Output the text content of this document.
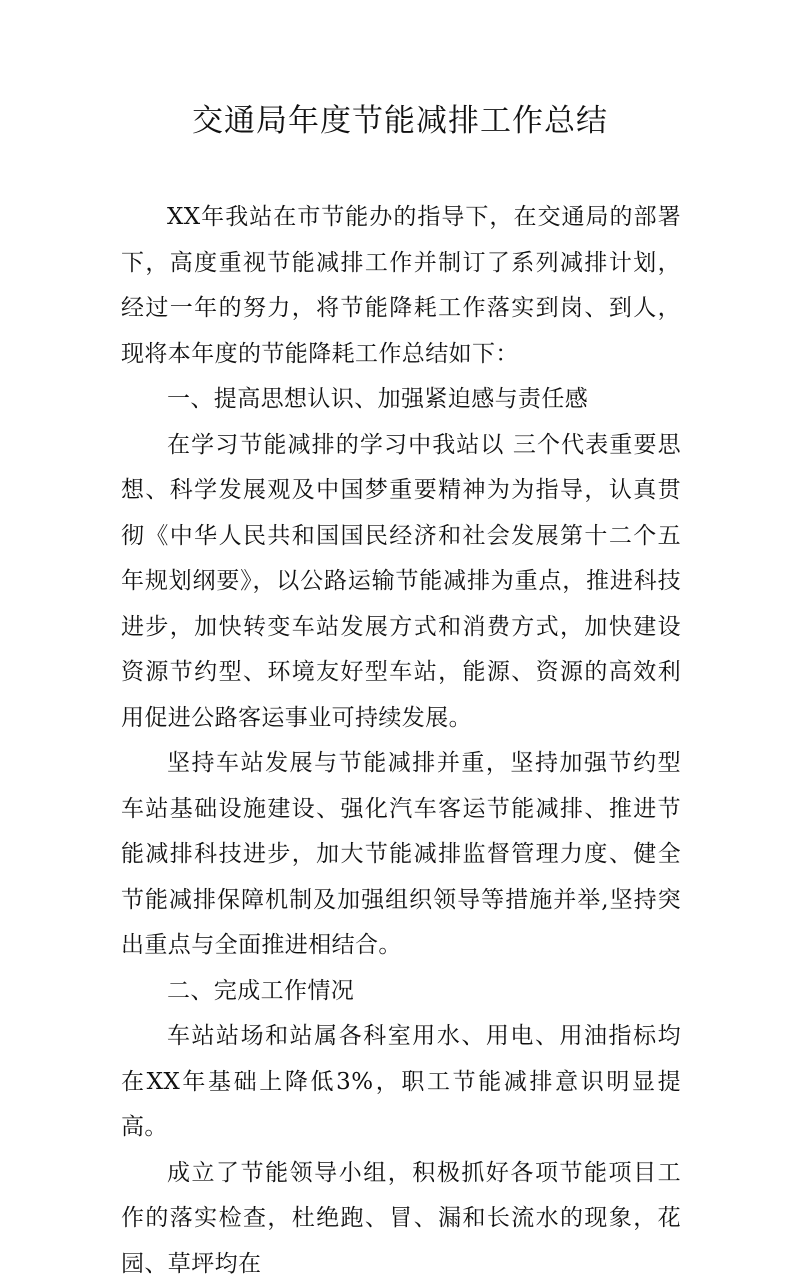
交通局年度节能减排工作总结

XX年我站在市节能办的指导下，在交通局的部署下，高度重视节能减排工作并制订了系列减排计划，经过一年的努力，将节能降耗工作落实到岗、到人，现将本年度的节能降耗工作总结如下：

一、提高思想认识、加强紧迫感与责任感

在学习节能减排的学习中我站以 三个代表重要思想、科学发展观及中国梦重要精神为为指导，认真贯彻《中华人民共和国国民经济和社会发展第十二个五年规划纲要》，以公路运输节能减排为重点，推进科技进步，加快转变车站发展方式和消费方式，加快建设资源节约型、环境友好型车站，能源、资源的高效利用促进公路客运事业可持续发展。

坚持车站发展与节能减排并重，坚持加强节约型车站基础设施建设、强化汽车客运节能减排、推进节能减排科技进步，加大节能减排监督管理力度、健全节能减排保障机制及加强组织领导等措施并举,坚持突出重点与全面推进相结合。

二、完成工作情况

车站站场和站属各科室用水、用电、用油指标均在XX年基础上降低3%，职工节能减排意识明显提高。

成立了节能领导小组，积极抓好各项节能项目工作的落实检查，杜绝跑、冒、漏和长流水的现象，花园、草坪均在
